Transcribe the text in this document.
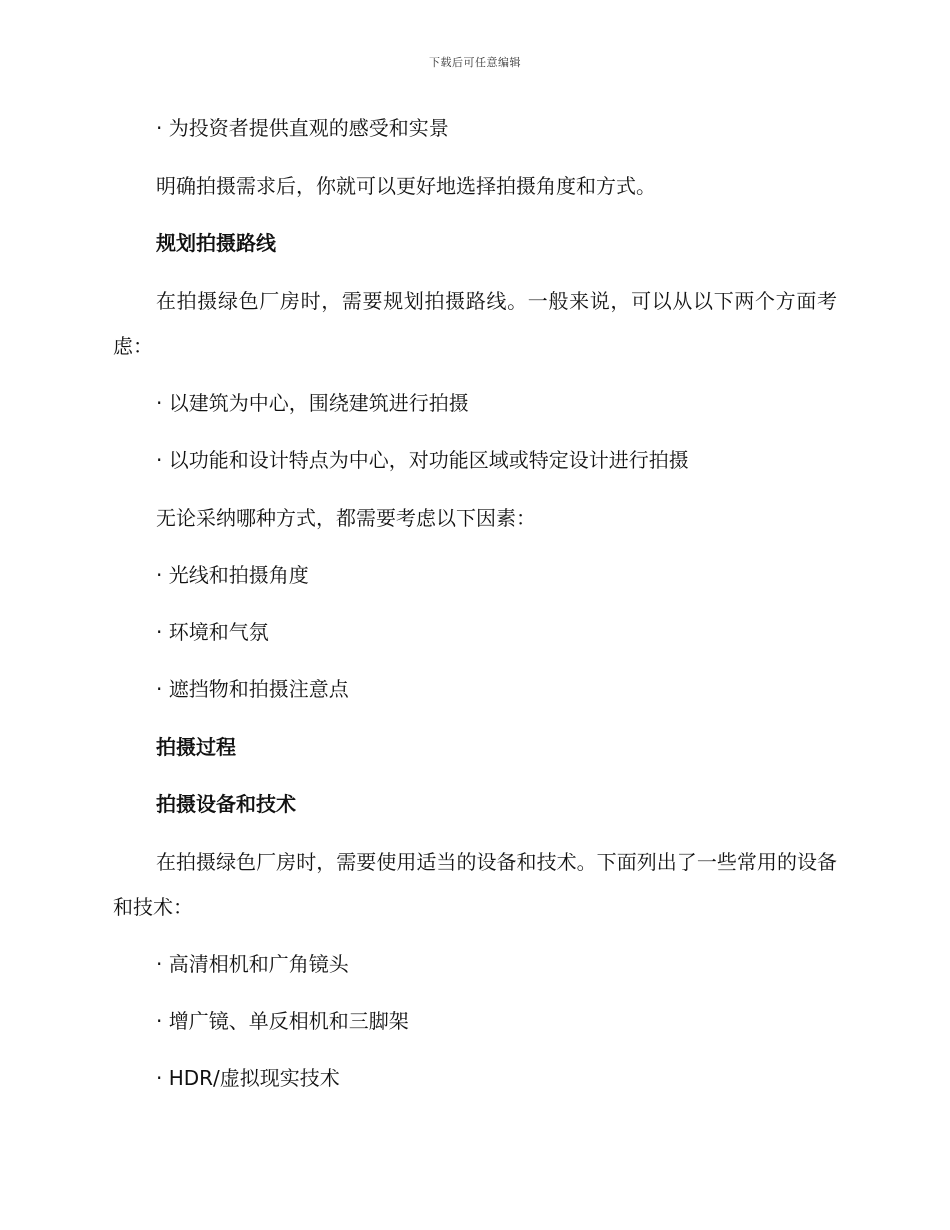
下载后可任意编辑

· 为投资者提供直观的感受和实景

明确拍摄需求后，你就可以更好地选择拍摄角度和方式。

规划拍摄路线

在拍摄绿色厂房时，需要规划拍摄路线。一般来说，可以从以下两个方面考虑：

· 以建筑为中心，围绕建筑进行拍摄

· 以功能和设计特点为中心，对功能区域或特定设计进行拍摄

无论采纳哪种方式，都需要考虑以下因素：

· 光线和拍摄角度

· 环境和气氛

· 遮挡物和拍摄注意点

拍摄过程

拍摄设备和技术

在拍摄绿色厂房时，需要使用适当的设备和技术。下面列出了一些常用的设备和技术：

· 高清相机和广角镜头

· 增广镜、单反相机和三脚架

· HDR/虚拟现实技术
